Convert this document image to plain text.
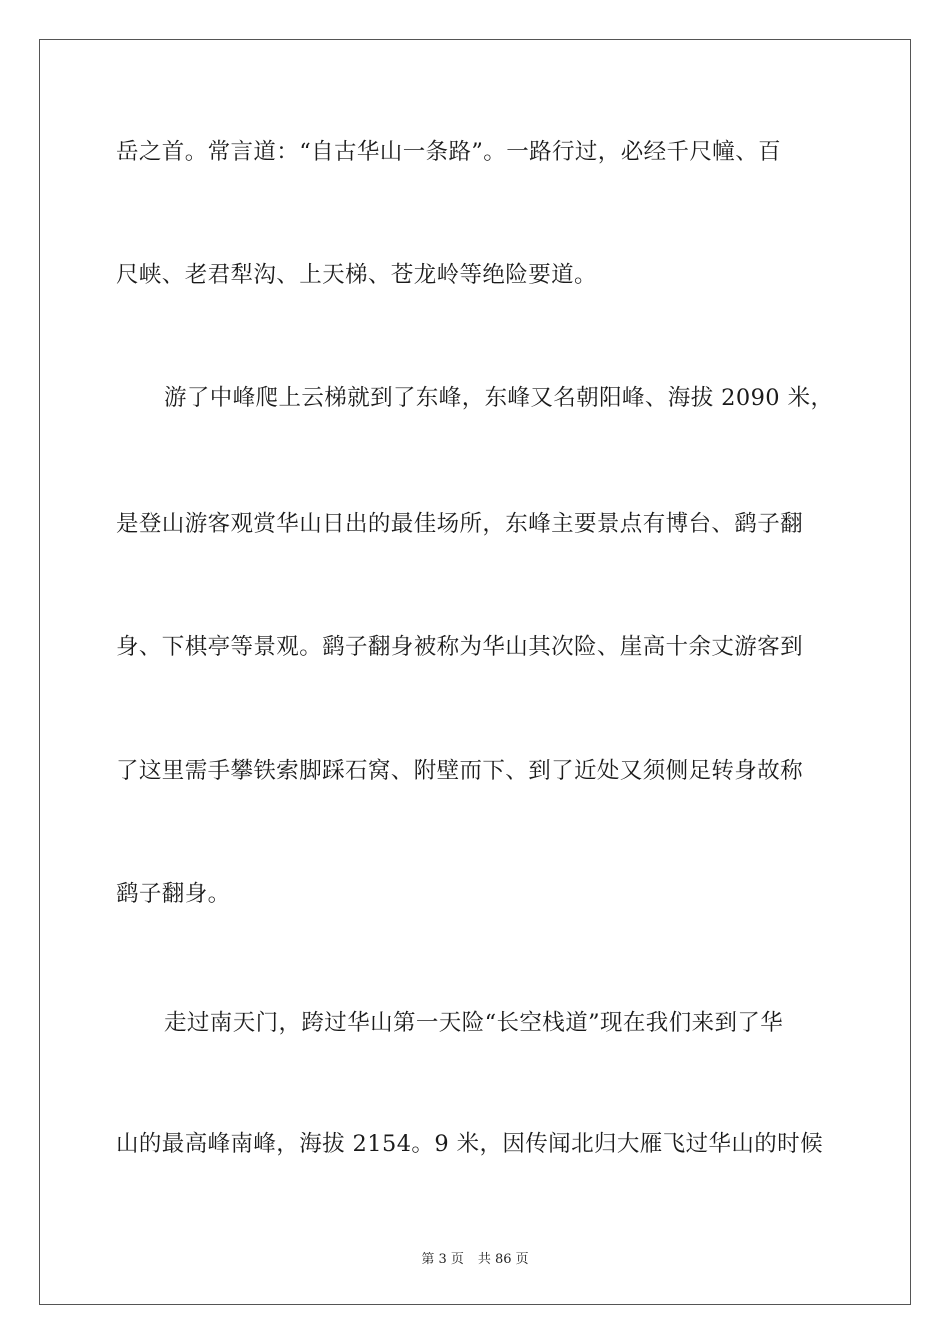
岳之首。常言道：“自古华山一条路”。一路行过，必经千尺幢、百
尺峡、老君犁沟、上天梯、苍龙岭等绝险要道。
游了中峰爬上云梯就到了东峰，东峰又名朝阳峰、海拔 2090 米，
是登山游客观赏华山日出的最佳场所，东峰主要景点有博台、鹞子翻
身、下棋亭等景观。鹞子翻身被称为华山其次险、崖高十余丈游客到
了这里需手攀铁索脚踩石窝、附壁而下、到了近处又须侧足转身故称
鹞子翻身。
走过南天门，跨过华山第一天险“长空栈道”现在我们来到了华
山的最高峰南峰，海拔 2154。9 米，因传闻北归大雁飞过华山的时候
第 3 页 共 86 页
